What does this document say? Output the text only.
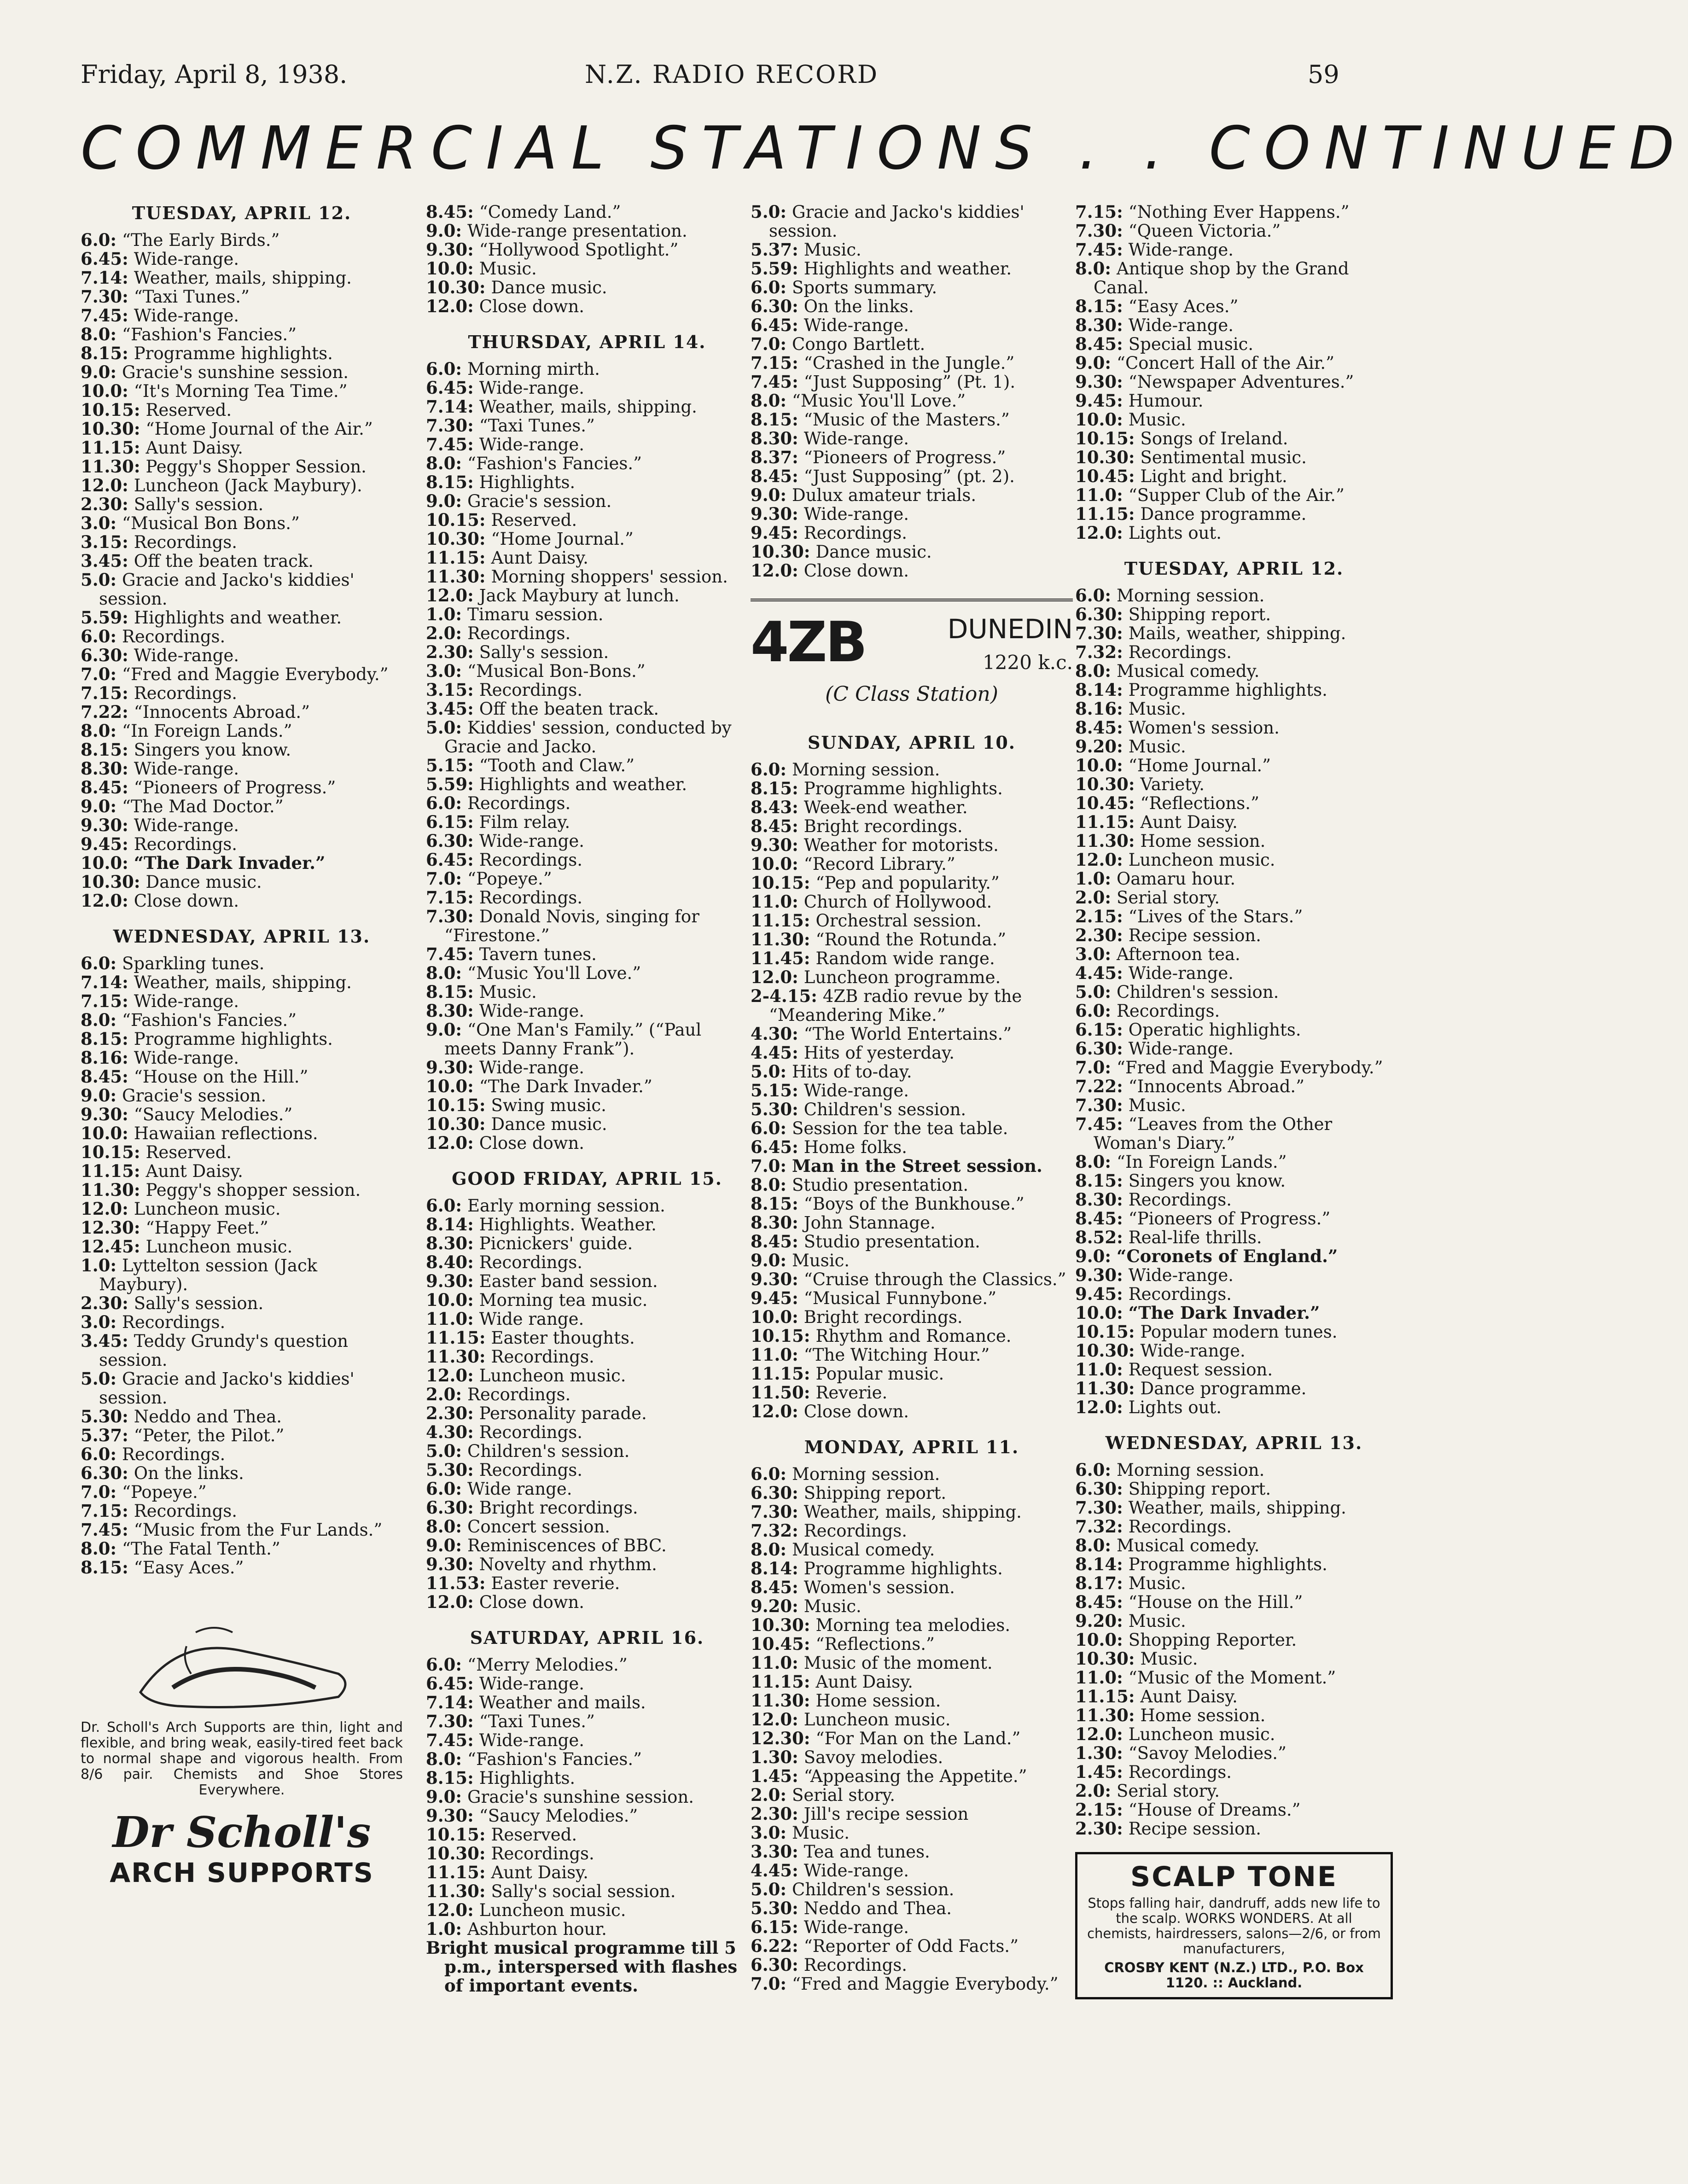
Friday, April 8, 1938.	N.Z. RADIO RECORD	59
COMMERCIAL STATIONS . . CONTINUED
TUESDAY, APRIL 12.
6.0: “The Early Birds.”
6.45: Wide-range.
7.14: Weather, mails, shipping.
7.30: “Taxi Tunes.”
7.45: Wide-range.
8.0: “Fashion's Fancies.”
8.15: Programme highlights.
9.0: Gracie's sunshine session.
10.0: “It's Morning Tea Time.”
10.15: Reserved.
10.30: “Home Journal of the Air.”
11.15: Aunt Daisy.
11.30: Peggy's Shopper Session.
12.0: Luncheon (Jack Maybury).
2.30: Sally's session.
3.0: “Musical Bon Bons.”
3.15: Recordings.
3.45: Off the beaten track.
5.0: Gracie and Jacko's kiddies' session.
5.59: Highlights and weather.
6.0: Recordings.
6.30: Wide-range.
7.0: “Fred and Maggie Everybody.”
7.15: Recordings.
7.22: “Innocents Abroad.”
8.0: “In Foreign Lands.”
8.15: Singers you know.
8.30: Wide-range.
8.45: “Pioneers of Progress.”
9.0: “The Mad Doctor.”
9.30: Wide-range.
9.45: Recordings.
10.0: “The Dark Invader.”
10.30: Dance music.
12.0: Close down.
WEDNESDAY, APRIL 13.
6.0: Sparkling tunes.
7.14: Weather, mails, shipping.
7.15: Wide-range.
8.0: “Fashion's Fancies.”
8.15: Programme highlights.
8.16: Wide-range.
8.45: “House on the Hill.”
9.0: Gracie's session.
9.30: “Saucy Melodies.”
10.0: Hawaiian reflections.
10.15: Reserved.
11.15: Aunt Daisy.
11.30: Peggy's shopper session.
12.0: Luncheon music.
12.30: “Happy Feet.”
12.45: Luncheon music.
1.0: Lyttelton session (Jack Maybury).
2.30: Sally's session.
3.0: Recordings.
3.45: Teddy Grundy's question session.
5.0: Gracie and Jacko's kiddies' session.
5.30: Neddo and Thea.
5.37: “Peter, the Pilot.”
6.0: Recordings.
6.30: On the links.
7.0: “Popeye.”
7.15: Recordings.
7.45: “Music from the Fur Lands.”
8.0: “The Fatal Tenth.”
8.15: “Easy Aces.”
Dr. Scholl's Arch Supports are thin, light and flexible, and bring weak, easily-tired feet back to normal shape and vigorous health. From 8/6 pair. Chemists and Shoe Stores Everywhere.
Dr Scholl's
ARCH SUPPORTS
8.45: “Comedy Land.”
9.0: Wide-range presentation.
9.30: “Hollywood Spotlight.”
10.0: Music.
10.30: Dance music.
12.0: Close down.
THURSDAY, APRIL 14.
6.0: Morning mirth.
6.45: Wide-range.
7.14: Weather, mails, shipping.
7.30: “Taxi Tunes.”
7.45: Wide-range.
8.0: “Fashion's Fancies.”
8.15: Highlights.
9.0: Gracie's session.
10.15: Reserved.
10.30: “Home Journal.”
11.15: Aunt Daisy.
11.30: Morning shoppers' session.
12.0: Jack Maybury at lunch.
1.0: Timaru session.
2.0: Recordings.
2.30: Sally's session.
3.0: “Musical Bon-Bons.”
3.15: Recordings.
3.45: Off the beaten track.
5.0: Kiddies' session, conducted by Gracie and Jacko.
5.15: “Tooth and Claw.”
5.59: Highlights and weather.
6.0: Recordings.
6.15: Film relay.
6.30: Wide-range.
6.45: Recordings.
7.0: “Popeye.”
7.15: Recordings.
7.30: Donald Novis, singing for “Firestone.”
7.45: Tavern tunes.
8.0: “Music You'll Love.”
8.15: Music.
8.30: Wide-range.
9.0: “One Man's Family.” (“Paul meets Danny Frank”).
9.30: Wide-range.
10.0: “The Dark Invader.”
10.15: Swing music.
10.30: Dance music.
12.0: Close down.
GOOD FRIDAY, APRIL 15.
6.0: Early morning session.
8.14: Highlights. Weather.
8.30: Picnickers' guide.
8.40: Recordings.
9.30: Easter band session.
10.0: Morning tea music.
11.0: Wide range.
11.15: Easter thoughts.
11.30: Recordings.
12.0: Luncheon music.
2.0: Recordings.
2.30: Personality parade.
4.30: Recordings.
5.0: Children's session.
5.30: Recordings.
6.0: Wide range.
6.30: Bright recordings.
8.0: Concert session.
9.0: Reminiscences of BBC.
9.30: Novelty and rhythm.
11.53: Easter reverie.
12.0: Close down.
SATURDAY, APRIL 16.
6.0: “Merry Melodies.”
6.45: Wide-range.
7.14: Weather and mails.
7.30: “Taxi Tunes.”
7.45: Wide-range.
8.0: “Fashion's Fancies.”
8.15: Highlights.
9.0: Gracie's sunshine session.
9.30: “Saucy Melodies.”
10.15: Reserved.
10.30: Recordings.
11.15: Aunt Daisy.
11.30: Sally's social session.
12.0: Luncheon music.
1.0: Ashburton hour.
Bright musical programme till 5 p.m., interspersed with flashes of important events.
5.0: Gracie and Jacko's kiddies' session.
5.37: Music.
5.59: Highlights and weather.
6.0: Sports summary.
6.30: On the links.
6.45: Wide-range.
7.0: Congo Bartlett.
7.15: “Crashed in the Jungle.”
7.45: “Just Supposing” (Pt. 1).
8.0: “Music You'll Love.”
8.15: “Music of the Masters.”
8.30: Wide-range.
8.37: “Pioneers of Progress.”
8.45: “Just Supposing” (pt. 2).
9.0: Dulux amateur trials.
9.30: Wide-range.
9.45: Recordings.
10.30: Dance music.
12.0: Close down.
4ZB	DUNEDIN
1220 k.c.
(C Class Station)
SUNDAY, APRIL 10.
6.0: Morning session.
8.15: Programme highlights.
8.43: Week-end weather.
8.45: Bright recordings.
9.30: Weather for motorists.
10.0: “Record Library.”
10.15: “Pep and popularity.”
11.0: Church of Hollywood.
11.15: Orchestral session.
11.30: “Round the Rotunda.”
11.45: Random wide range.
12.0: Luncheon programme.
2-4.15: 4ZB radio revue by the “Meandering Mike.”
4.30: “The World Entertains.”
4.45: Hits of yesterday.
5.0: Hits of to-day.
5.15: Wide-range.
5.30: Children's session.
6.0: Session for the tea table.
6.45: Home folks.
7.0: Man in the Street session.
8.0: Studio presentation.
8.15: “Boys of the Bunkhouse.”
8.30: John Stannage.
8.45: Studio presentation.
9.0: Music.
9.30: “Cruise through the Classics.”
9.45: “Musical Funnybone.”
10.0: Bright recordings.
10.15: Rhythm and Romance.
11.0: “The Witching Hour.”
11.15: Popular music.
11.50: Reverie.
12.0: Close down.
MONDAY, APRIL 11.
6.0: Morning session.
6.30: Shipping report.
7.30: Weather, mails, shipping.
7.32: Recordings.
8.0: Musical comedy.
8.14: Programme highlights.
8.45: Women's session.
9.20: Music.
10.30: Morning tea melodies.
10.45: “Reflections.”
11.0: Music of the moment.
11.15: Aunt Daisy.
11.30: Home session.
12.0: Luncheon music.
12.30: “For Man on the Land.”
1.30: Savoy melodies.
1.45: “Appeasing the Appetite.”
2.0: Serial story.
2.30: Jill's recipe session
3.0: Music.
3.30: Tea and tunes.
4.45: Wide-range.
5.0: Children's session.
5.30: Neddo and Thea.
6.15: Wide-range.
6.22: “Reporter of Odd Facts.”
6.30: Recordings.
7.0: “Fred and Maggie Everybody.”
7.15: “Nothing Ever Happens.”
7.30: “Queen Victoria.”
7.45: Wide-range.
8.0: Antique shop by the Grand Canal.
8.15: “Easy Aces.”
8.30: Wide-range.
8.45: Special music.
9.0: “Concert Hall of the Air.”
9.30: “Newspaper Adventures.”
9.45: Humour.
10.0: Music.
10.15: Songs of Ireland.
10.30: Sentimental music.
10.45: Light and bright.
11.0: “Supper Club of the Air.”
11.15: Dance programme.
12.0: Lights out.
TUESDAY, APRIL 12.
6.0: Morning session.
6.30: Shipping report.
7.30: Mails, weather, shipping.
7.32: Recordings.
8.0: Musical comedy.
8.14: Programme highlights.
8.16: Music.
8.45: Women's session.
9.20: Music.
10.0: “Home Journal.”
10.30: Variety.
10.45: “Reflections.”
11.15: Aunt Daisy.
11.30: Home session.
12.0: Luncheon music.
1.0: Oamaru hour.
2.0: Serial story.
2.15: “Lives of the Stars.”
2.30: Recipe session.
3.0: Afternoon tea.
4.45: Wide-range.
5.0: Children's session.
6.0: Recordings.
6.15: Operatic highlights.
6.30: Wide-range.
7.0: “Fred and Maggie Everybody.”
7.22: “Innocents Abroad.”
7.30: Music.
7.45: “Leaves from the Other Woman's Diary.”
8.0: “In Foreign Lands.”
8.15: Singers you know.
8.30: Recordings.
8.45: “Pioneers of Progress.”
8.52: Real-life thrills.
9.0: “Coronets of England.”
9.30: Wide-range.
9.45: Recordings.
10.0: “The Dark Invader.”
10.15: Popular modern tunes.
10.30: Wide-range.
11.0: Request session.
11.30: Dance programme.
12.0: Lights out.
WEDNESDAY, APRIL 13.
6.0: Morning session.
6.30: Shipping report.
7.30: Weather, mails, shipping.
7.32: Recordings.
8.0: Musical comedy.
8.14: Programme highlights.
8.17: Music.
8.45: “House on the Hill.”
9.20: Music.
10.0: Shopping Reporter.
10.30: Music.
11.0: “Music of the Moment.”
11.15: Aunt Daisy.
11.30: Home session.
12.0: Luncheon music.
1.30: “Savoy Melodies.”
1.45: Recordings.
2.0: Serial story.
2.15: “House of Dreams.”
2.30: Recipe session.
SCALP TONE
Stops falling hair, dandruff, adds new life to the scalp. WORKS WONDERS. At all chemists, hairdressers, salons—2/6, or from manufacturers,
CROSBY KENT (N.Z.) LTD., P.O. Box 1120. :: Auckland.
